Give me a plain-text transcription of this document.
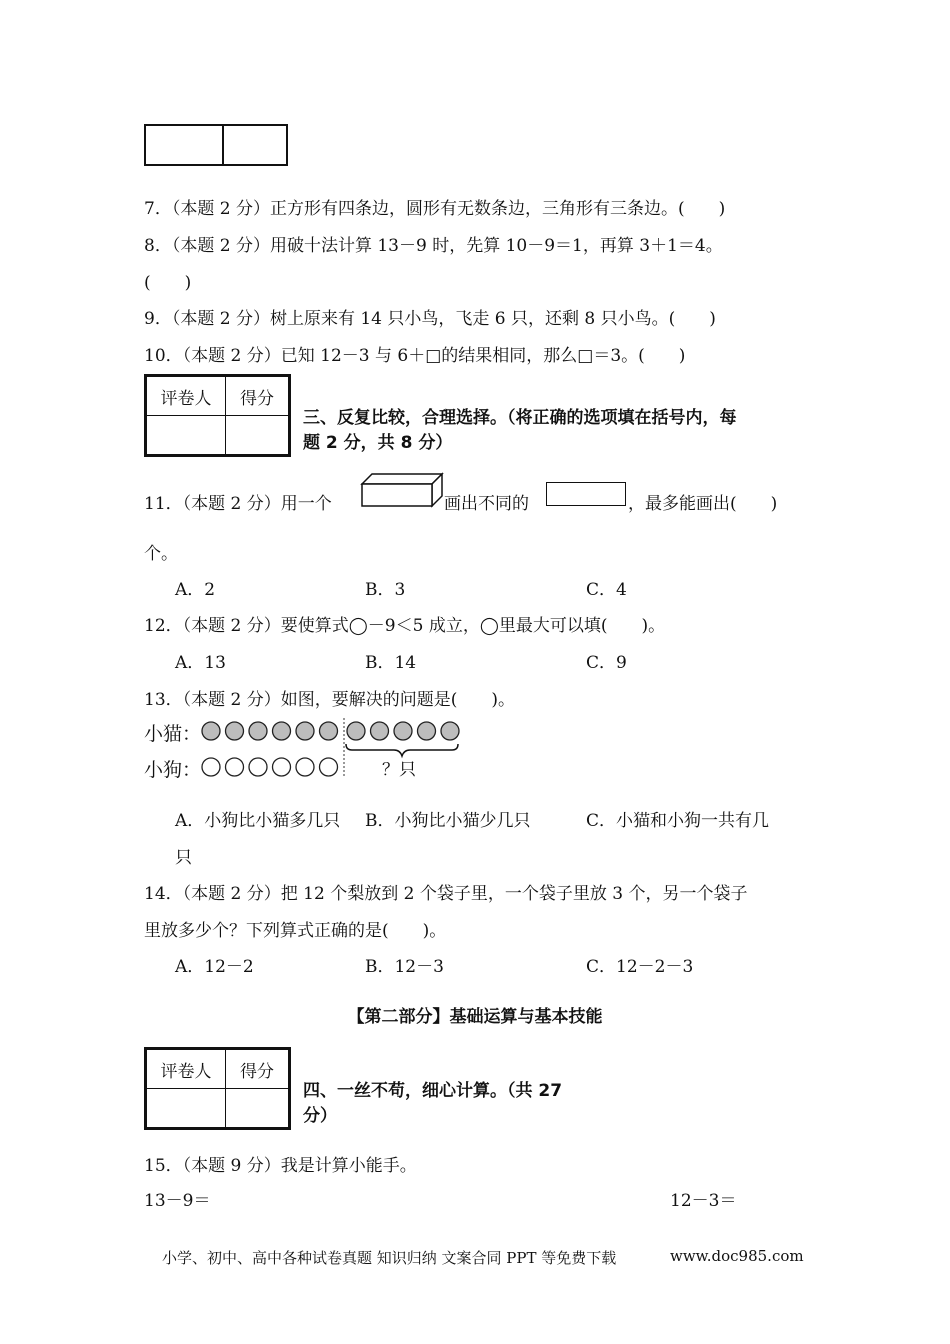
7．（本题 2 分）正方形有四条边，圆形有无数条边，三角形有三条边。(　　)
8．（本题 2 分）用破十法计算 13－9 时，先算 10－9＝1，再算 3＋1＝4。
(　　)
9．（本题 2 分）树上原来有 14 只小鸟，飞走 6 只，还剩 8 只小鸟。(　　)
10．（本题 2 分）已知 12－3 与 6＋□的结果相同，那么□＝3。(　　)
评卷人	得分

三、反复比较，合理选择。（将正确的选项填在括号内，每
题 2 分，共 8 分）
11．（本题 2 分）用一个	画出不同的	，最多能画出(　　)
个。
A．2	B．3	C．4
12．（本题 2 分）要使算式◯－9＜5 成立，◯里最大可以填(　　)。
A．13	B．14	C．9
13．（本题 2 分）如图，要解决的问题是(　　)。
小猫：
小狗：	？只
A．小狗比小猫多几只 B．小狗比小猫少几只	C．小猫和小狗一共有几
只
14．（本题 2 分）把 12 个梨放到 2 个袋子里，一个袋子里放 3 个，另一个袋子
里放多少个？下列算式正确的是(　　)。
A．12－2	B．12－3	C．12－2－3
【第二部分】基础运算与基本技能
评卷人	得分

四、一丝不苟，细心计算。（共 27
分）
15．（本题 9 分）我是计算小能手。
13－9＝	12－3＝
小学、初中、高中各种试卷真题 知识归纳 文案合同 PPT 等免费下载	www.doc985.com
